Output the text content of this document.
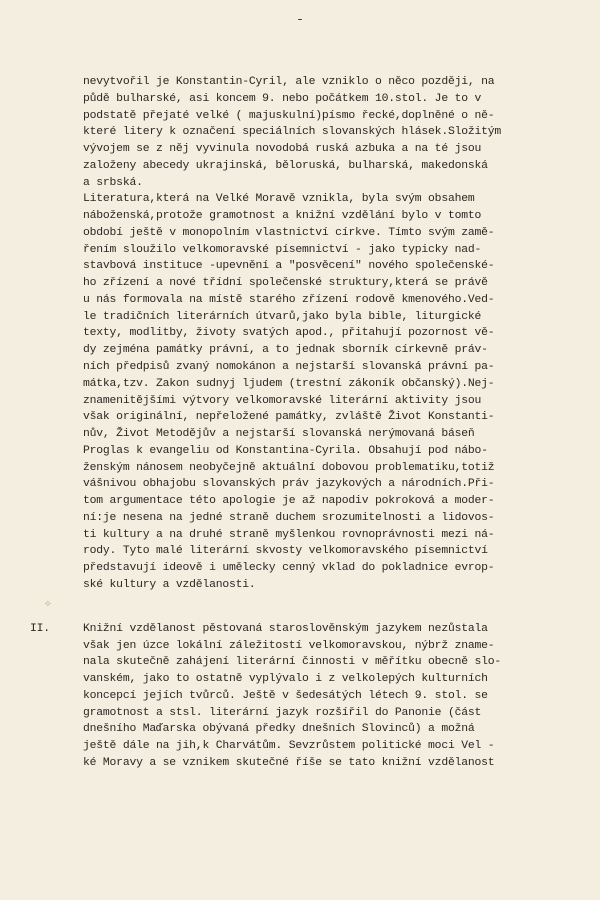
-
nevytvořil je Konstantin-Cyril, ale vzniklo o něco později, na
půdě bulharské, asi koncem 9. nebo počátkem 10.stol. Je to v
podstatě přejaté velké ( majuskulní)písmo řecké,doplněné o ně-
které litery k označení speciálních slovanských hlásek.Složitým
vývojem se z něj vyvinula novodobá ruská azbuka a na té jsou
založeny abecedy ukrajinská, běloruská, bulharská, makedonská
a srbská.
Literatura,která na Velké Moravě vznikla, byla svým obsahem
náboženská,protože gramotnost a knižní vzdělání bylo v tomto
období ještě v monopolním vlastnictví církve. Tímto svým zamě-
řením sloužilo velkomoravské písemnictví - jako typicky nad-
stavbová instituce -upevnění a "posvěcení" nového společenské-
ho zřízení a nové třídní společenské struktury,která se právě
u nás formovala na místě starého zřízení rodově kmenového.Ved-
le tradičních literárních útvarů,jako byla bible, liturgické
texty, modlitby, životy svatých apod., přitahují pozornost vě-
dy zejména památky právní, a to jednak sborník církevně práv-
ních předpisů zvaný nomokánon a nejstarší slovanská právní pa-
mátka,tzv. Zakon sudnyj ljudem (trestní zákoník občanský).Nej-
znamenitějšími výtvory velkomoravské literární aktivity jsou
však originální, nepřeložené památky, zvláště Život Konstanti-
nův, Život Metodějův a nejstarší slovanská nerýmovaná báseň
Proglas k evangeliu od Konstantina-Cyrila. Obsahují pod nábo-
ženským nánosem neobyčejně aktuální dobovou problematiku,totiž
vášnivou obhajobu slovanských práv jazykových a národních.Při-
tom argumentace této apologie je až napodiv pokroková a moder-
ní:je nesena na jedné straně duchem srozumitelnosti a lidovos-
ti kultury a na druhé straně myšlenkou rovnoprávnosti mezi ná-
rody. Tyto malé literární skvosty velkomoravského písemnictví
představují ideově i umělecky cenný vklad do pokladnice evrop-
ské kultury a vzdělanosti.
II.	Knižní vzdělanost pěstovaná staroslověnským jazykem nezůstala
však jen úzce lokální záležitostí velkomoravskou, nýbrž zname-
nala skutečně zahájení literární činnosti v měřítku obecně slo-
vanském, jako to ostatně vyplývalo i z velkolepých kulturních
koncepcí jejích tvůrců. Ještě v šedesátých létech 9. stol. se
gramotnost a stsl. literární jazyk rozšířil do Panonie (část
dnešního Maďarska obývaná předky dnešních Slovinců) a možná
ještě dále na jih,k Charvátům. Sevzrůstem politické moci Vel -
ké Moravy a se vznikem skutečné říše se tato knižní vzdělanost
✧
